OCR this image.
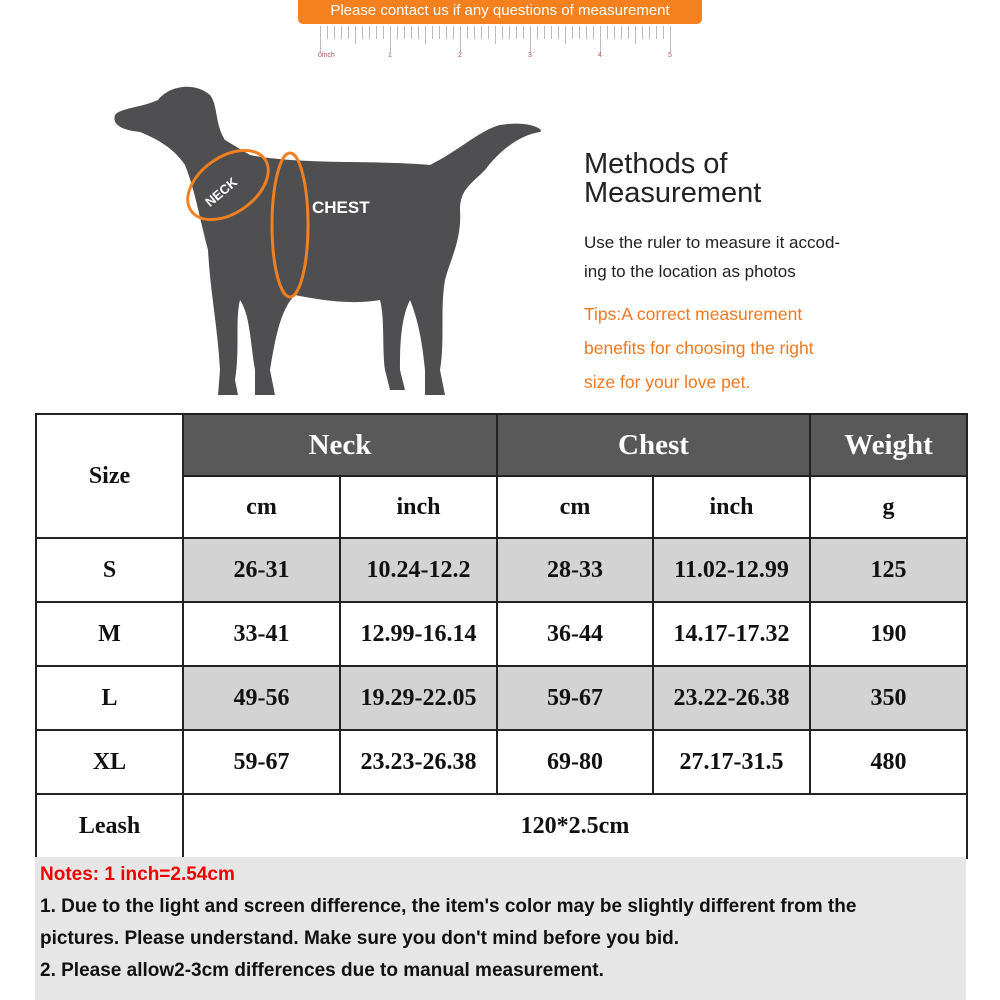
Please contact us if any questions of measurement
0inch	1	2	3	4	5
NECK	CHEST
Methods of
Measurement
Use the ruler to measure it accod-
ing to the location as photos
Tips:A correct measurement
benefits for choosing the right
size for your love pet.
Size	Neck		Chest		Weight
	cm	inch	cm	inch	g
S	26-31	10.24-12.2	28-33	11.02-12.99	125
M	33-41	12.99-16.14	36-44	14.17-17.32	190
L	49-56	19.29-22.05	59-67	23.22-26.38	350
XL	59-67	23.23-26.38	69-80	27.17-31.5	480
Leash	120*2.5cm				
Notes: 1 inch=2.54cm
1. Due to the light and screen difference, the item's color may be slightly different from the
pictures. Please understand. Make sure you don't mind before you bid.
2. Please allow2-3cm differences due to manual measurement.
